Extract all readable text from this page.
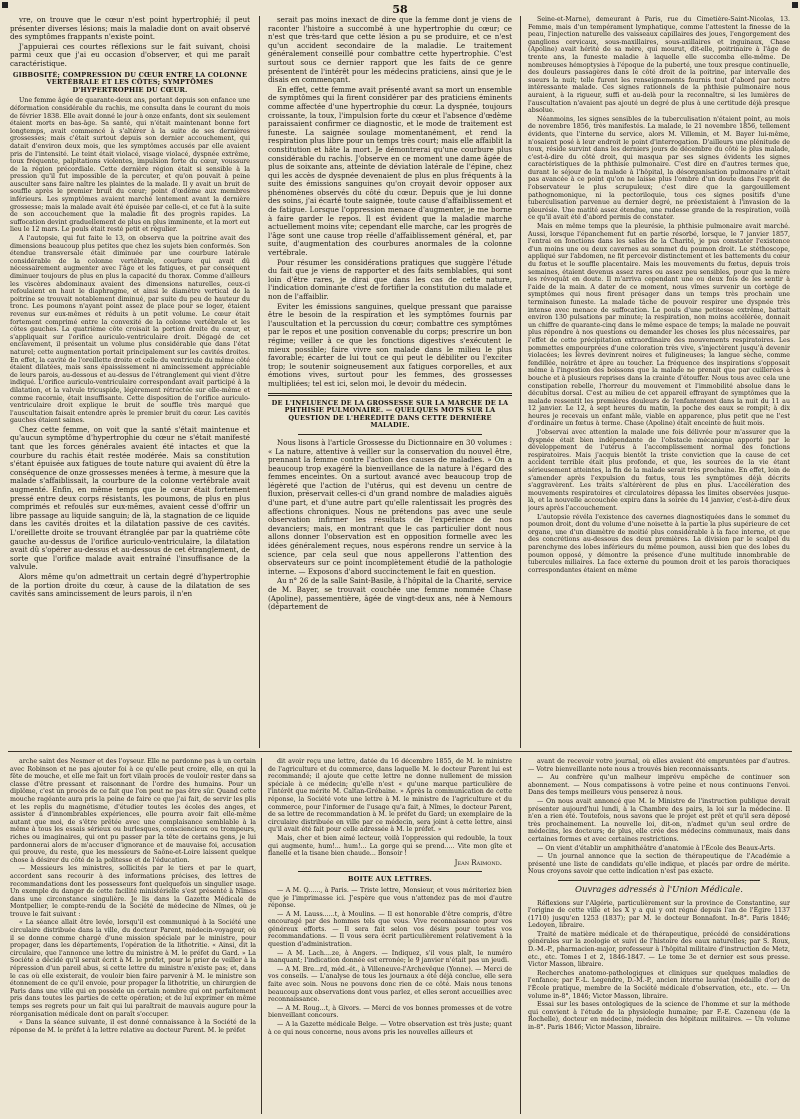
58

vre, on trouve que le cœur n'est point hypertrophié; il peut présenter diverses lésions; mais la maladie dont on avait observé des symptômes frappants n'existe point.

J'appuierai ces courtes réflexions sur le fait suivant, choisi parmi ceux que j'ai eu occasion d'observer, et qui me paraît caractéristique.

GIBBOSITÉ; COMPRESSION DU CŒUR ENTRE LA COLONNE VERTÉBRALE ET LES CÔTES; SYMPTÔMES D'HYPERTROPHIE DU CŒUR.

Une femme âgée de quarante-deux ans, portant depuis son enfance une déformation considérable du rachis, me consulta dans le courant du mois de février 1838. Elle avait donné le jour à onze enfants, dont six seulement étaient morts en bas-âge. Sa santé, qui n'était maintenant bonne fort longtemps, avait commencé à s'altérer à la suite de ses dernières grossesses; mais c'était surtout depuis son dernier accouchement, qui datait d'environ deux mois, que les symptômes accusés par elle avaient pris de l'intensité. Le teint était violacé, visage violacé, dyspnée extrême, toux fréquente, palpitations violentes, impulsion forte du cœur, voussure de la région précordiale. Cette dernière région était si sensible à la pression qu'il fut impossible de la percuter, et qu'on pouvait à peine ausculter sans faire naître les plaintes de la malade. Il y avait un bruit de souffle après le premier bruit du cœur; point d'œdème aux membres inférieurs. Les symptômes avaient marché lentement avant la dernière grossesse; mais la malade avait été épuisée par celle-ci, et ce fut à la suite de son accouchement que la maladie fit des progrès rapides. La suffocation devint graduellement de plus en plus imminente, et la mort eut lieu le 12 mars. Le pouls était resté petit et régulier.

A l'autopsie, qui fut faite le 13, on observa que la poitrine avait des dimensions beaucoup plus petites que chez les sujets bien conformés. Son étendue transversale était diminuée par une courbure latérale considérable de la colonne vertébrale, courbure qui avait dû nécessairement augmenter avec l'âge et les fatigues, et par conséquent diminuer toujours de plus en plus la capacité du thorax. Comme d'ailleurs les viscères abdominaux avaient des dimensions naturelles, ceux-ci refoulaient en haut le diaphragme, et ainsi le diamètre vertical de la poitrine se trouvait notablement diminué, par suite du peu de hauteur du tronc. Les poumons n'ayant point assez de place pour se loger, étaient revenus sur eux-mêmes et réduits à un petit volume. Le cœur était fortement comprimé entre la convexité de la colonne vertébrale et les côtes gauches. La quatrième côte croisait la portion droite du cœur, et s'appliquait sur l'orifice auriculo-ventriculaire droit. Dégagé de cet enclavement, il présentait un volume plus considérable que dans l'état naturel; cette augmentation portait principalement sur les cavités droites. En effet, la cavité de l'oreillette droite et celle du ventricule du même côté étaient dilatées, mais sans épaississement ni amincissement appréciable de leurs parois, au-dessous et au-dessus de l'étranglement qui vient d'être indiqué. L'orifice auriculo-ventriculaire correspondant avait participé à la dilatation, et la valvule tricuspide, légèrement rétractée sur elle-même et comme racornie, était insuffisante. Cette disposition de l'orifice auriculo-ventriculaire droit explique le bruit de souffle très marqué que l'auscultation faisait entendre après le premier bruit du cœur. Les cavités gauches étaient saines.

Chez cette femme, on voit que la santé s'était maintenue et qu'aucun symptôme d'hypertrophie du cœur ne s'était manifesté tant que les forces générales avaient été intactes et que la courbure du rachis était restée modérée. Mais sa constitution s'étant épuisée aux fatigues de toute nature qui avaient dû être la conséquence de onze grossesses menées à terme, à mesure que la malade s'affaiblissait, la courbure de la colonne vertébrale avait augmenté. Enfin, en même temps que le cœur était fortement pressé entre deux corps résistants, les poumons, de plus en plus comprimés et refoulés sur eux-mêmes, avaient cessé d'offrir un libre passage au liquide sanguin; de là, la stagnation de ce liquide dans les cavités droites et la dilatation passive de ces cavités. L'oreillette droite se trouvant étranglée par par la quatrième côte gauche au-dessus de l'orifice auriculo-ventriculaire, la dilatation avait dû s'opérer au-dessus et au-dessous de cet étranglement, de sorte que l'orifice malade avait entraîné l'insuffisance de la valvule.

Alors même qu'on admettrait un certain degré d'hypertrophie de la portion droite du cœur, à cause de la dilatation de ses cavités sans amincissement de leurs parois, il n'en

serait pas moins inexact de dire que la femme dont je viens de raconter l'histoire a succombé à une hypertrophie du cœur; ce n'est que très-tard que cette lésion a pu se produire, et ce n'est qu'un accident secondaire de la maladie. Le traitement généralement conseillé pour combattre cette hypertrophie. C'est surtout sous ce dernier rapport que les faits de ce genre présentent de l'intérêt pour les médecins praticiens, ainsi que je le disais en commençant.

En effet, cette femme avait présenté avant sa mort un ensemble de symptômes qui la firent considérer par des praticiens éminents comme affectée d'une hypertrophie du cœur. La dyspnée, toujours croissante, la toux, l'impulsion forte du cœur et l'absence d'œdème paraissaient confirmer ce diagnostic, et le mode de traitement est funeste. La saignée soulage momentanément, et rend la respiration plus libre pour un temps très court; mais elle affaiblit la constitution et hâte la mort. Je démontrerai qu'une courbure plus considérable du rachis. J'observe en ce moment une dame âgée de plus de soixante ans, atteinte de déviation latérale de l'épine, chez qui les accès de dyspnée devenaient de plus en plus fréquents à la suite des émissions sanguines qu'on croyait devoir opposer aux phénomènes observés du côté du cœur. Depuis que je lui donne des soins, j'ai écarté toute saignée, toute cause d'affaiblissement et de fatigue. Lorsque l'oppression menace d'augmenter, je me borne à faire garder le repos. Il est évident que la maladie marche actuellement moins vite; cependant elle marche, car les progrès de l'âge sont une cause trop réelle d'affaiblissement général, et, par suite, d'augmentation des courbures anormales de la colonne vertébrale.

Pour résumer les considérations pratiques que suggère l'étude du fait que je viens de rapporter et des faits semblables, qui sont loin d'être rares, je dirai que dans les cas de cette nature, l'indication dominante c'est de fortifier la constitution du malade et non de l'affaiblir.

Eviter les émissions sanguines, quelque pressant que paraisse être le besoin de la respiration et les symptômes fournis par l'auscultation et la percussion du cœur; combattre ces symptômes par le repos et une position convenable du corps; prescrire un bon régime; veiller à ce que les fonctions digestives s'exécutent le mieux possible; faire vivre son malade dans le milieu le plus favorable; écarter de lui tout ce qui peut le débiliter ou l'exciter trop; le soutenir soigneusement aux fatigues corporelles, et aux émotions vives, surtout pour les femmes, des grossesses multipliées; tel est ici, selon moi, le devoir du médecin.

DE L'INFLUENCE DE LA GROSSESSE SUR LA MARCHE DE LA PHTHISIE PULMONAIRE. — QUELQUES MOTS SUR LA QUESTION DE L'HÉRÉDITÉ DANS CETTE DERNIÈRE MALADIE.

Nous lisons à l'article Grossesse du Dictionnaire en 30 volumes : « La nature, attentive à veiller sur la conservation du nouvel être, prennant la femme contre l'action des causes de maladies. » On a beaucoup trop exagéré la bienveillance de la nature à l'égard des femmes enceintes. On a surtout avancé avec beaucoup trop de légèreté que l'action de l'utérus, qui est devenu un centre de fluxion, préservait celles-ci d'un grand nombre de maladies aiguës d'une part, et d'une autre part qu'elle ralentissait les progrès des affections chroniques. Nous ne prétendons pas avec une seule observation infirmer les résultats de l'expérience de nos devanciers; mais, en montrant que le cas particulier dont nous allons donner l'observation est en opposition formelle avec les idées généralement reçues, nous espérons rendre un service à la science, par cela seul que nous appellerons l'attention des observateurs sur ce point incomplètement étudié de la pathologie interne. — Exposons d'abord succinctement le fait en question.

Au n° 26 de la salle Saint-Basile, à l'hôpital de la Charité, service de M. Bayer, se trouvait couchée une femme nommée Chase (Apoline), passementière, âgée de vingt-deux ans, née à Nemours (département de

Seine-et-Marne), demeurant à Paris, rue du Cimetière-Saint-Nicolas, 13. Femme, mais d'un tempérament lymphatique, comme l'attestent la finesse de la peau, l'injection naturelle des vaisseaux capillaires des joues, l'engorgement des ganglions cervicaux, sous-maxillaires, sous-axillaires et inguinaux, Chase (Apoline) avait hérité de sa mère, qui mourut, dit-elle, poitrinaire à l'âge de trente ans, la funeste maladie à laquelle elle succomba elle-même. De nombreuses hémoptysies à l'époque de la puberté, une toux presque continuelle, des douleurs passagères dans le côté droit de la poitrine, par intervalle des sueurs la nuit; telle furent les renseignements fournis tout d'abord par notre intéressante malade. Ces signes rationnels de la phthisie pulmonaire nous auraient, à la rigueur, suffi et au-delà pour la reconnaître, si les lumières de l'auscultation n'avaient pas ajouté un degré de plus à une certitude déjà presque absolue.

Néanmoins, les signes sensibles de la tuberculisation n'étaient point, au mois de novembre 1856, très manifestés. La malade, le 21 novembre 1856, tellement évidents, que l'interne du service, alors M. Villemin, et M. Bayer lui-même, n'osaient posé à leur endroit le point d'interrogation. D'ailleurs une plénitude de toux, réside survint dans les derniers jours de décembre du côté le plus malade, c'est-à-dire du côté droit, qui masqua par ses signes évidents les signes caractéristiques de la phthisie pulmonaire. C'est dire en d'autres termes que, durant le séjour de la malade à l'hôpital, la désorganisation pulmonaire n'était pas avancée à ce point qu'on ne laisse plus l'ombre d'un doute dans l'esprit de l'observateur le plus scrupuleux; c'est dire que la gargouillement pathognomonique, ni la pectoriloquie, tous ces signes positifs d'une tuberculisation parvenue au dernier degré, ne préexistaient à l'invasion de la pleurésie. Une matité assez étendue, une rudesse grande de la respiration, voilà ce qu'il avait été d'abord permis de constater.

Mais en même temps que la pleurésie, la phthisie pulmonaire avait marché. Aussi, lorsque l'épanchement fut en partie résorbé, lorsque, le 7 janvier 1857, l'entrai en fonctions dans les salles de la Charité, je pus constater l'existence d'un moins une ou deux cavernes au sommet du poumon droit. Le stéthoscope, appliqué sur l'abdomen, ne fit percevoir distinctement et les battements du cœur du fœtus et le souffle placentaire. Mais les mouvements du fœtus, depuis trois semaines, étaient devenus assez rares ou assez peu sensibles, pour que la mère les révoquât en doute. Il m'arriva cependant une ou deux fois de les sentir à l'aide de la main. A dater de ce moment, nous vîmes survenir un cortège de symptômes qui nous firent présager dans un temps très prochain une terminaison funeste. La malade tâche de pouvoir respirer une dyspnée très intense avec menace de suffocation. Le pouls d'une petitesse extrême, battait environ 130 pulsations par minute; la respiration, non moins accélérée, donnait un chiffre de quarante-cinq dans le même espace de temps; la malade ne pouvait plus répondre à nos questions ou demander les choses les plus nécessaires, par l'effet de cette précipitation extraordinaire des mouvements respiratoires. Les pommettes empourprées d'une coloration très vive, s'injectèrent jusqu'à devenir violacées; les lèvres devinrent noires et fuligineuses; la langue sèche, comme fendillée, noirâtre et âpre au toucher. La fréquence des inspirations s'opposait même à l'ingestion des boissons que la malade ne prenait que par cuillerées à bouche et à plusieurs reprises dans la crainte d'étouffer. Nous tous avec cela une constipation rebelle, l'horreur du mouvement et l'immobilité absolue dans le décubitus dorsal. C'est au milieu de cet appareil effrayant de symptômes que la malade ressentit les premières douleurs de l'enfantement dans la nuit du 11 au 12 janvier. Le 12, à sept heures du matin, la poche des eaux se rompit; à dix heures je recevais un enfant mâle, viable en apparence, plus petit que ne l'est d'ordinaire un fœtus à terme. Chase (Apoline) était enceinte de huit mois.

J'observai avec attention la malade une fois délivrée pour m'assurer que la dyspnée était bien indépendante de l'obstacle mécanique apporté par le développement de l'utérus à l'accomplissement normal des fonctions respiratoires. Mais j'acquis bientôt la triste conviction que la cause de cet accident terrible était plus profonde, et que, les sources de la vie étant sérieusement atteintes, la fin de la malade serait très prochaine. En effet, loin de s'amender après l'expulsion du fœtus, tous les symptômes déjà décrits s'aggravèrent. Les traits s'altérèrent de plus en plus. L'accélération des mouvements respiratoires et circulatoires dépassa les limites observées jusque-là, et la nouvelle accouchée expira dans la soirée du 14 janvier, c'est-à-dire deux jours après l'accouchement.

L'autopsie révéla l'existence des cavernes diagnostiquées dans le sommet du poumon droit, dont du volume d'une noisette à la partie la plus supérieure de cet organe, une d'un diamètre de moitié plus considérable à la face interne, et que des concrétions au-dessous des deux premières. La division par le scalpel du parenchyme des lobes inférieurs du même poumon, aussi bien que des lobes du poumon opposé, y démontre la présence d'une multitude innombrable de tubercules miliaires. La face externe du poumon droit et les parois thoraciques correspondantes étaient en même

arche saint des Nesmer et des l'oyseur. Elle ne pardonne pas à un certain avec Robinson et ne pas ajouter foi à ce qu'elle peut croire, elle, en qui la fête de mouche, et elle me fait un fort vilain procès de vouloir rester dans sa classe d'être pressant et raisonnant de l'ordre des humains. Pour un diplôme, c'est un procès de ce fait que l'on peut ne pas être sûr. Quand cette mouche ragéante aura pris la peine de faire ce que j'ai fait, de servir les plis et les replis du magnétisme, d'étudier toutes les écoles des anges, et assister à d'innombrables expériences, elle pourra avoir fait elle-même autant que moi, de s'être prêtée avec une complaisance semblable à la même à tous les essais sérieux ou burlesques, consciencieux ou trompeurs, riches ou imaginaires, qui ont pu passer par la tête de certains gens, je lui pardonnerai alors de m'accuser d'ignorance et de mauvaise foi, accusation qui prouve, du reste, que les messieurs de Saône-et-Loire laissent quelque chose à désirer du côté de la politesse et de l'éducation.

— Messieurs les ministres, sollicités par le tiers et par le quart, accordent sans recourir à des informations précises, des lettres de recommandations dont les possesseurs font quelquefois un singulier usage. Un exemple du danger de cette facilité ministérielle s'est présenté à Nîmes dans une circonstance singulière. Je lis dans la Gazette Médicale de Montpellier, le compte-rendu de la Société de médecine de Nîmes, où je trouve le fait suivant :

« La séance allait être levée, lorsqu'il est communiqué à la Société une circulaire distribuée dans la ville, du docteur Parent, médecin-voyageur, où il se donne comme chargé d'une mission spéciale par le ministre, pour propager, dans les départements, l'opération de la lithotritie. « Ainsi, dit la circulaire, que l'annonce une lettre du ministre à M. le préfet du Gard. » La Société a décidé qu'il serait écrit à M. le préfet, pour le prier de veiller à la répression d'un pareil abus, si cette lettre du ministre n'existe pas; et, dans le cas où elle existerait, de vouloir bien faire parvenir à M. le ministre son étonnement de ce qu'il envoie, pour propager la lithotritie, un chirurgien de Paris dans une ville qui en possède un certain nombre qui ont parfaitement pris dans toutes les parties de cette opération; et de lui exprimer en même temps ses regrets pour un fait qui lui paraîtrait de mauvais augure pour la réorganisation médicale dont on paraît s'occuper.

« Dans la séance suivante, il est donné connaissance à la Société de la réponse de M. le préfet à la lettre relative au docteur Parent. M. le préfet

dit avoir reçu une lettre, datée du 16 décembre 1855, de M. le ministre de l'agriculture et du commerce, dans laquelle M. le docteur Parent lui est recommandé; il ajoute que cette lettre ne donne nullement de mission spéciale à ce médecin; qu'elle n'est « qu'une marque particulière de l'intérêt que mérite M. Caltan-Grébaine. » Après la communication de cette réponse, la Société vote une lettre à M. le ministre de l'agriculture et du commerce, pour l'informer de l'usage qu'a fait, à Nîmes, le docteur Parent, de sa lettre de recommandation à M. le préfet du Gard; un exemplaire de la circulaire distribuée en ville par ce médecin, sera joint à cette lettre, ainsi qu'il avait été fait pour celle adressée à M. le préfet. »

Mais, cher et bien aimé lecteur, voilà l'oppression qui redouble, la toux qui augmente, hum!... hum!... La gorge qui se prend..... Vite mon gîte et flanelle et la tisane bien chaude... Bonsoir !

Jean Raimond.
BOITE AUX LETTRES.

— A M. Q......, à Paris. — Triste lettre, Monsieur, et vous mériteriez bien que je l'imprimasse ici. J'espère que vous n'attendez pas de moi d'autre réponse.

— A M. Lauss......t, à Moulins. — Il est honorable d'être compris, d'être encouragé par des hommes tels que vous. Vive reconnaissance pour vos généreux efforts. — Il sera fait selon vos désirs pour toutes vos recommandations. — Il vous sera écrit particulièrement relativement à la question d'administration.

— A M. Lach....ze, à Angers. — Indiquez, s'il vous plaît, le numéro manquant; l'indication donnée est erronée; le 9 janvier n'était pas un jeudi.

— A M. Bre...rd, méd.-ét., à Villeneuve-l'Archevêque (Yonne). — Merci de vos conseils. — L'analyse de tous les journaux a été déjà conclue, elle sera faite avec soin. Nous ne pouvons donc rien de ce côté. Mais nous tenons beaucoup aux observations dont vous parlez, et elles seront accueillies avec reconnaissance.

— A M. Roug...t, à Givors. — Merci de vos bonnes promesses et de votre bienveillant concours.

— A la Gazette médicale Belge. — Votre observation est très juste; quant à ce qui nous concerne, nous avons pris les nouvelles ailleurs et

avant de recevoir votre journal, où elles avaient été empruntées par d'autres. — Votre bienveillante note nous a trouvés bien reconnaissants.

— Au confrère qu'un malheur imprévu empêche de continuer son abonnement. — Nous compatissons à votre peine et nous continuons l'envoi. Dans des temps meilleurs vous penserez à nous.

— On nous avait annoncé que M. le Ministre de l'instruction publique devait présenter aujourd'hui lundi, à la Chambre des pairs, la loi sur la médecine. Il n'en a rien été. Toutefois, nous savons que le projet est prêt et qu'il sera déposé très prochainement. La nouvelle loi, dit-on, n'admet qu'un seul ordre de médecins, les docteurs; de plus, elle crée des médecins communaux, mais dans certaines formes et avec certaines restrictions.

— On vient d'établir un amphithéâtre d'anatomie à l'École des Beaux-Arts.

— Un journal annonce que la section de thérapeutique de l'Académie a présenté une liste de candidats qu'elle indique, et placés par ordre de mérite. Nous croyons savoir que cette indication n'est pas exacte.

Ouvrages adressés à l'Union Médicale.

Réflexions sur l'Algérie, particulièrement sur la province de Constantine, sur l'origine de cette ville et les X y a qui y ont régné depuis l'an de l'Égire 1137 (1710) jusqu'en 1253 (1837); par M. le docteur Bonnafont. In-8°. Paris 1846; Ledoyen, libraire.

Traité de matière médicale et de thérapeutique, précédé de considérations générales sur la zoologie et suivi de l'histoire des eaux naturelles; par S. Roux, D.-M.-P., pharmacien-major, professeur à l'hôpital militaire d'instruction de Metz, etc., etc. Tomes I et 2, 1846-1847. — Le tome 3e et dernier est sous presse. Victor Masson, libraire.

Recherches anatomo-pathologiques et cliniques sur quelques maladies de l'enfance; par F.-L. Legendre, D.-M.-P., ancien interne lauréat (médaille d'or) de l'École pratique, membre de la Société médicale d'observation, etc., etc. — Un volume in-8°, 1846; Victor Masson, libraire.

Essai sur les bases ontologiques de la science de l'homme et sur la méthode qui convient à l'étude de la physiologie humaine; par F.-E. Cazeneau (de la Rochelle), docteur en médecine, médecin des hôpitaux militaires. — Un volume in-8°. Paris 1846; Victor Masson, libraire.
